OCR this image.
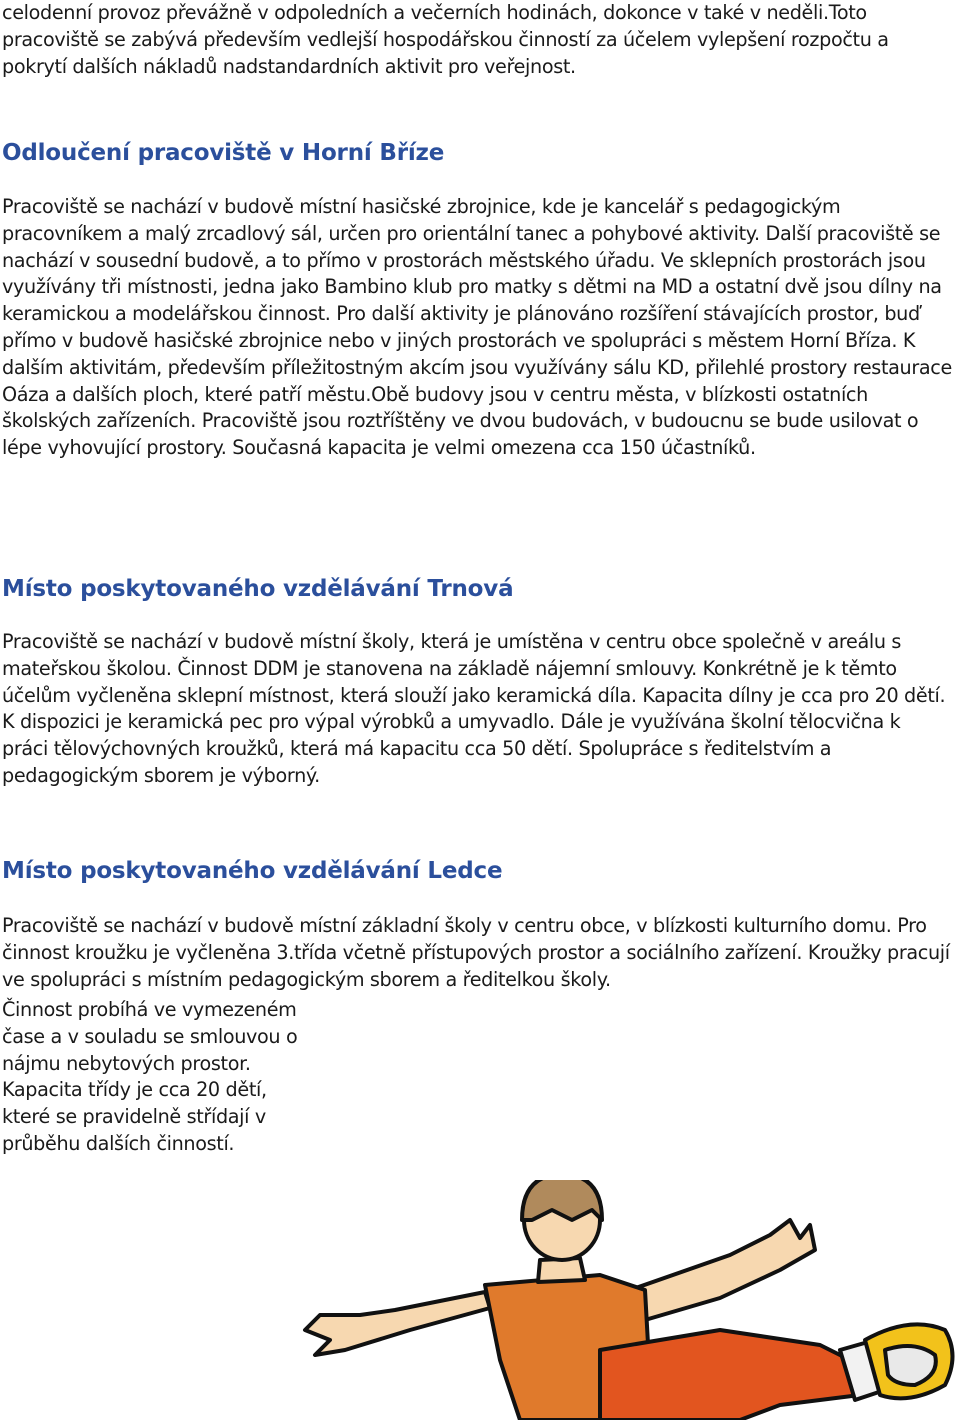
celodenní provoz převážně v odpoledních a večerních hodinách, dokonce v také v neděli.Toto pracoviště se zabývá především vedlejší hospodářskou činností za účelem vylepšení rozpočtu a pokrytí dalších nákladů nadstandardních aktivit pro veřejnost.

Odloučení pracoviště v Horní Bříze

Pracoviště se nachází v budově místní hasičské zbrojnice, kde je kancelář s pedagogickým pracovníkem a malý zrcadlový sál, určen pro orientální tanec a pohybové aktivity. Další pracoviště se nachází v sousední budově, a to přímo v prostorách městského úřadu. Ve sklepních prostorách jsou využívány tři místnosti, jedna jako Bambino klub pro matky s dětmi na MD a ostatní dvě jsou dílny na keramickou a modelářskou činnost. Pro další aktivity je plánováno rozšíření stávajících prostor, buď přímo v budově hasičské zbrojnice nebo v jiných prostorách ve spolupráci s městem Horní Bříza. K dalším aktivitám, především příležitostným akcím jsou využívány sálu KD, přilehlé prostory restaurace Oáza a dalších ploch, které patří městu.Obě budovy jsou v centru města, v blízkosti ostatních školských zařízeních. Pracoviště jsou roztříštěny ve dvou budovách, v budoucnu se bude usilovat o lépe vyhovující prostory. Současná kapacita je velmi omezena cca 150 účastníků.

Místo poskytovaného vzdělávání Trnová

Pracoviště se nachází v budově místní školy, která je umístěna v centru obce společně v areálu s mateřskou školou. Činnost DDM je stanovena na základě nájemní smlouvy. Konkrétně je k těmto účelům vyčleněna sklepní místnost, která slouží jako keramická díla. Kapacita dílny je cca pro 20 dětí. K dispozici je keramická pec pro výpal výrobků a umyvadlo. Dále je využívána školní tělocvična k práci tělovýchovných kroužků, která má kapacitu cca 50 dětí. Spolupráce s ředitelstvím a pedagogickým sborem je výborný.

Místo poskytovaného vzdělávání Ledce

Pracoviště se nachází v budově místní základní školy v centru obce, v blízkosti kulturního domu. Pro činnost kroužku je vyčleněna 3.třída včetně přístupových prostor a sociálního zařízení. Kroužky pracují ve spolupráci s místním pedagogickým sborem a ředitelkou školy.

Činnost probíhá ve vymezeném čase a v souladu se smlouvou o nájmu nebytových prostor. Kapacita třídy je cca 20 dětí, které se pravidelně střídají v průběhu dalších činností.
